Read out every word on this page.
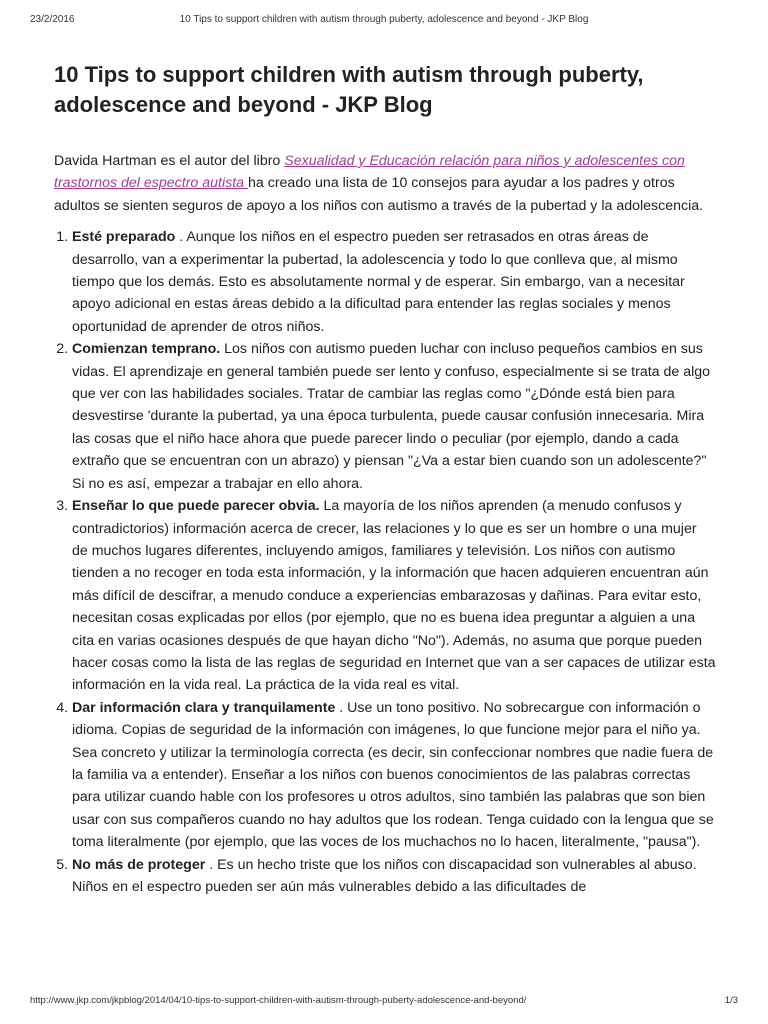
23/2/2016	10 Tips to support children with autism through puberty, adolescence and beyond - JKP Blog
10 Tips to support children with autism through puberty, adolescence and beyond - JKP Blog

Davida Hartman es el autor del libro Sexualidad y Educación relación para niños y adolescentes con trastornos del espectro autista ha creado una lista de 10 consejos para ayudar a los padres y otros adultos se sienten seguros de apoyo a los niños con autismo a través de la pubertad y la adolescencia.

1. Esté preparado . Aunque los niños en el espectro pueden ser retrasados en otras áreas de desarrollo, van a experimentar la pubertad, la adolescencia y todo lo que conlleva que, al mismo tiempo que los demás. Esto es absolutamente normal y de esperar. Sin embargo, van a necesitar apoyo adicional en estas áreas debido a la dificultad para entender las reglas sociales y menos oportunidad de aprender de otros niños.
2. Comienzan temprano. Los niños con autismo pueden luchar con incluso pequeños cambios en sus vidas. El aprendizaje en general también puede ser lento y confuso, especialmente si se trata de algo que ver con las habilidades sociales. Tratar de cambiar las reglas como "¿Dónde está bien para desvestirse 'durante la pubertad, ya una época turbulenta, puede causar confusión innecesaria. Mira las cosas que el niño hace ahora que puede parecer lindo o peculiar (por ejemplo, dando a cada extraño que se encuentran con un abrazo) y piensan "¿Va a estar bien cuando son un adolescente?" Si no es así, empezar a trabajar en ello ahora.
3. Enseñar lo que puede parecer obvia. La mayoría de los niños aprenden (a menudo confusos y contradictorios) información acerca de crecer, las relaciones y lo que es ser un hombre o una mujer de muchos lugares diferentes, incluyendo amigos, familiares y televisión. Los niños con autismo tienden a no recoger en toda esta información, y la información que hacen adquieren encuentran aún más difícil de descifrar, a menudo conduce a experiencias embarazosas y dañinas. Para evitar esto, necesitan cosas explicadas por ellos (por ejemplo, que no es buena idea preguntar a alguien a una cita en varias ocasiones después de que hayan dicho "No"). Además, no asuma que porque pueden hacer cosas como la lista de las reglas de seguridad en Internet que van a ser capaces de utilizar esta información en la vida real. La práctica de la vida real es vital.
4. Dar información clara y tranquilamente . Use un tono positivo. No sobrecargue con información o idioma. Copias de seguridad de la información con imágenes, lo que funcione mejor para el niño ya. Sea concreto y utilizar la terminología correcta (es decir, sin confeccionar nombres que nadie fuera de la familia va a entender). Enseñar a los niños con buenos conocimientos de las palabras correctas para utilizar cuando hable con los profesores u otros adultos, sino también las palabras que son bien usar con sus compañeros cuando no hay adultos que los rodean. Tenga cuidado con la lengua que se toma literalmente (por ejemplo, que las voces de los muchachos no lo hacen, literalmente, "pausa").
5. No más de proteger . Es un hecho triste que los niños con discapacidad son vulnerables al abuso. Niños en el espectro pueden ser aún más vulnerables debido a las dificultades de
http://www.jkp.com/jkpblog/2014/04/10-tips-to-support-children-with-autism-through-puberty-adolescence-and-beyond/	1/3
